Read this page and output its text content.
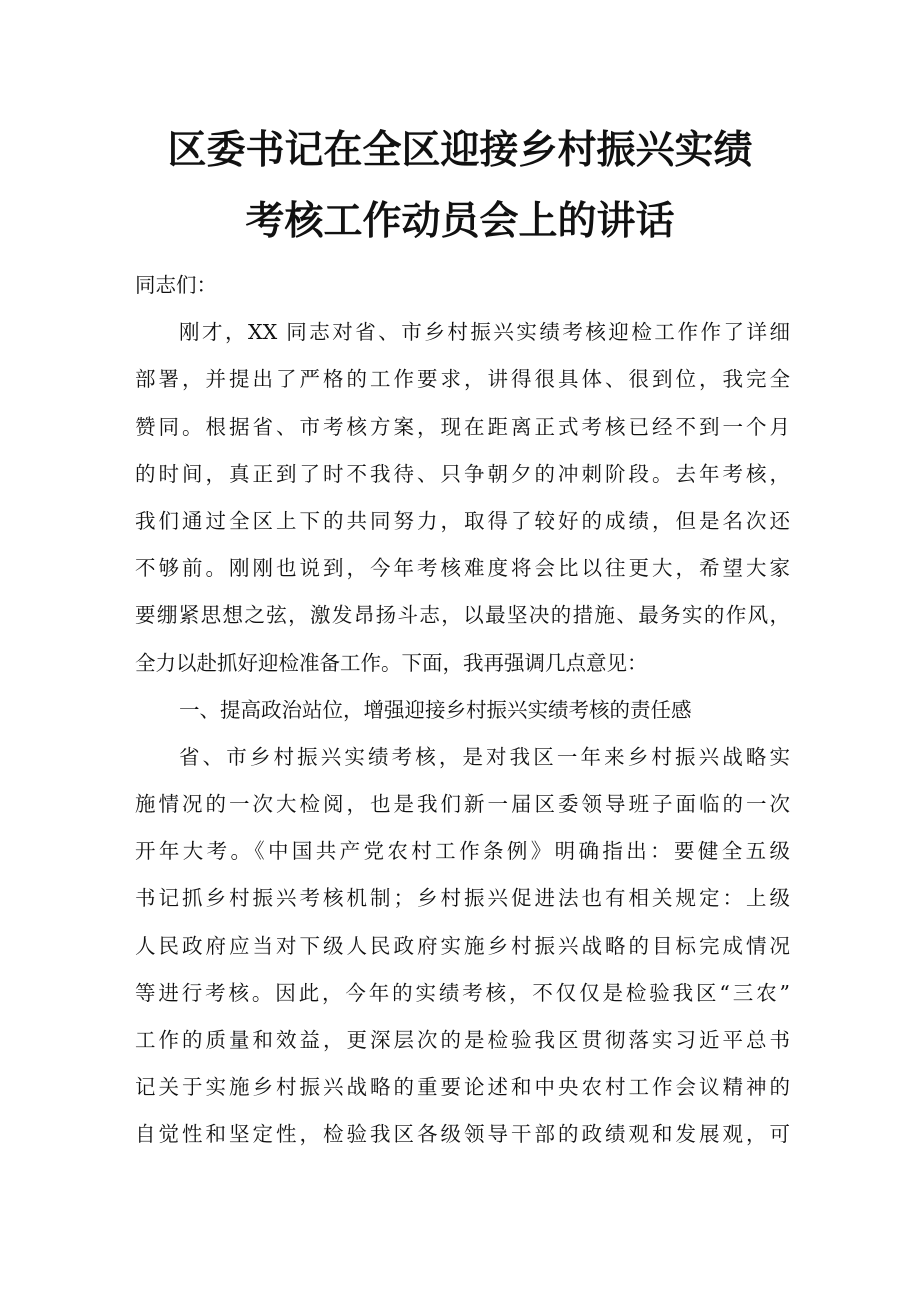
区委书记在全区迎接乡村振兴实绩
考核工作动员会上的讲话
同志们：
刚才，XX 同志对省、市乡村振兴实绩考核迎检工作作了详细
部署，并提出了严格的工作要求，讲得很具体、很到位，我完全
赞同。根据省、市考核方案，现在距离正式考核已经不到一个月
的时间，真正到了时不我待、只争朝夕的冲刺阶段。去年考核，
我们通过全区上下的共同努力，取得了较好的成绩，但是名次还
不够前。刚刚也说到，今年考核难度将会比以往更大，希望大家
要绷紧思想之弦，激发昂扬斗志，以最坚决的措施、最务实的作风，
全力以赴抓好迎检准备工作。下面，我再强调几点意见：
一、提高政治站位，增强迎接乡村振兴实绩考核的责任感
省、市乡村振兴实绩考核，是对我区一年来乡村振兴战略实
施情况的一次大检阅，也是我们新一届区委领导班子面临的一次
开年大考。《中国共产党农村工作条例》明确指出：要健全五级
书记抓乡村振兴考核机制；乡村振兴促进法也有相关规定：上级
人民政府应当对下级人民政府实施乡村振兴战略的目标完成情况
等进行考核。因此，今年的实绩考核，不仅仅是检验我区“三农”
工作的质量和效益，更深层次的是检验我区贯彻落实习近平总书
记关于实施乡村振兴战略的重要论述和中央农村工作会议精神的
自觉性和坚定性，检验我区各级领导干部的政绩观和发展观，可
